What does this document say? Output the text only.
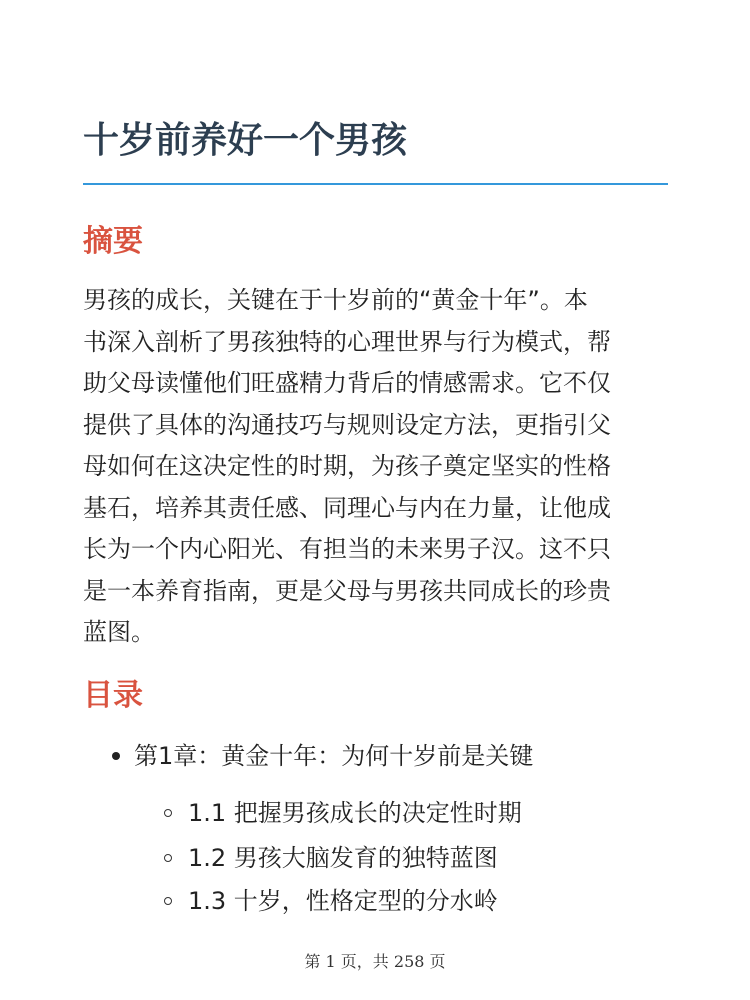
十岁前养好一个男孩
摘要

男孩的成长，关键在于十岁前的“黄金十年”。本
书深入剖析了男孩独特的心理世界与行为模式，帮
助父母读懂他们旺盛精力背后的情感需求。它不仅
提供了具体的沟通技巧与规则设定方法，更指引父
母如何在这决定性的时期，为孩子奠定坚实的性格
基石，培养其责任感、同理心与内在力量，让他成
长为一个内心阳光、有担当的未来男子汉。这不只
是一本养育指南，更是父母与男孩共同成长的珍贵
蓝图。

目录
第1章：黄金十年：为何十岁前是关键
1.1 把握男孩成长的决定性时期
1.2 男孩大脑发育的独特蓝图
1.3 十岁，性格定型的分水岭
第 1 页，共 258 页
